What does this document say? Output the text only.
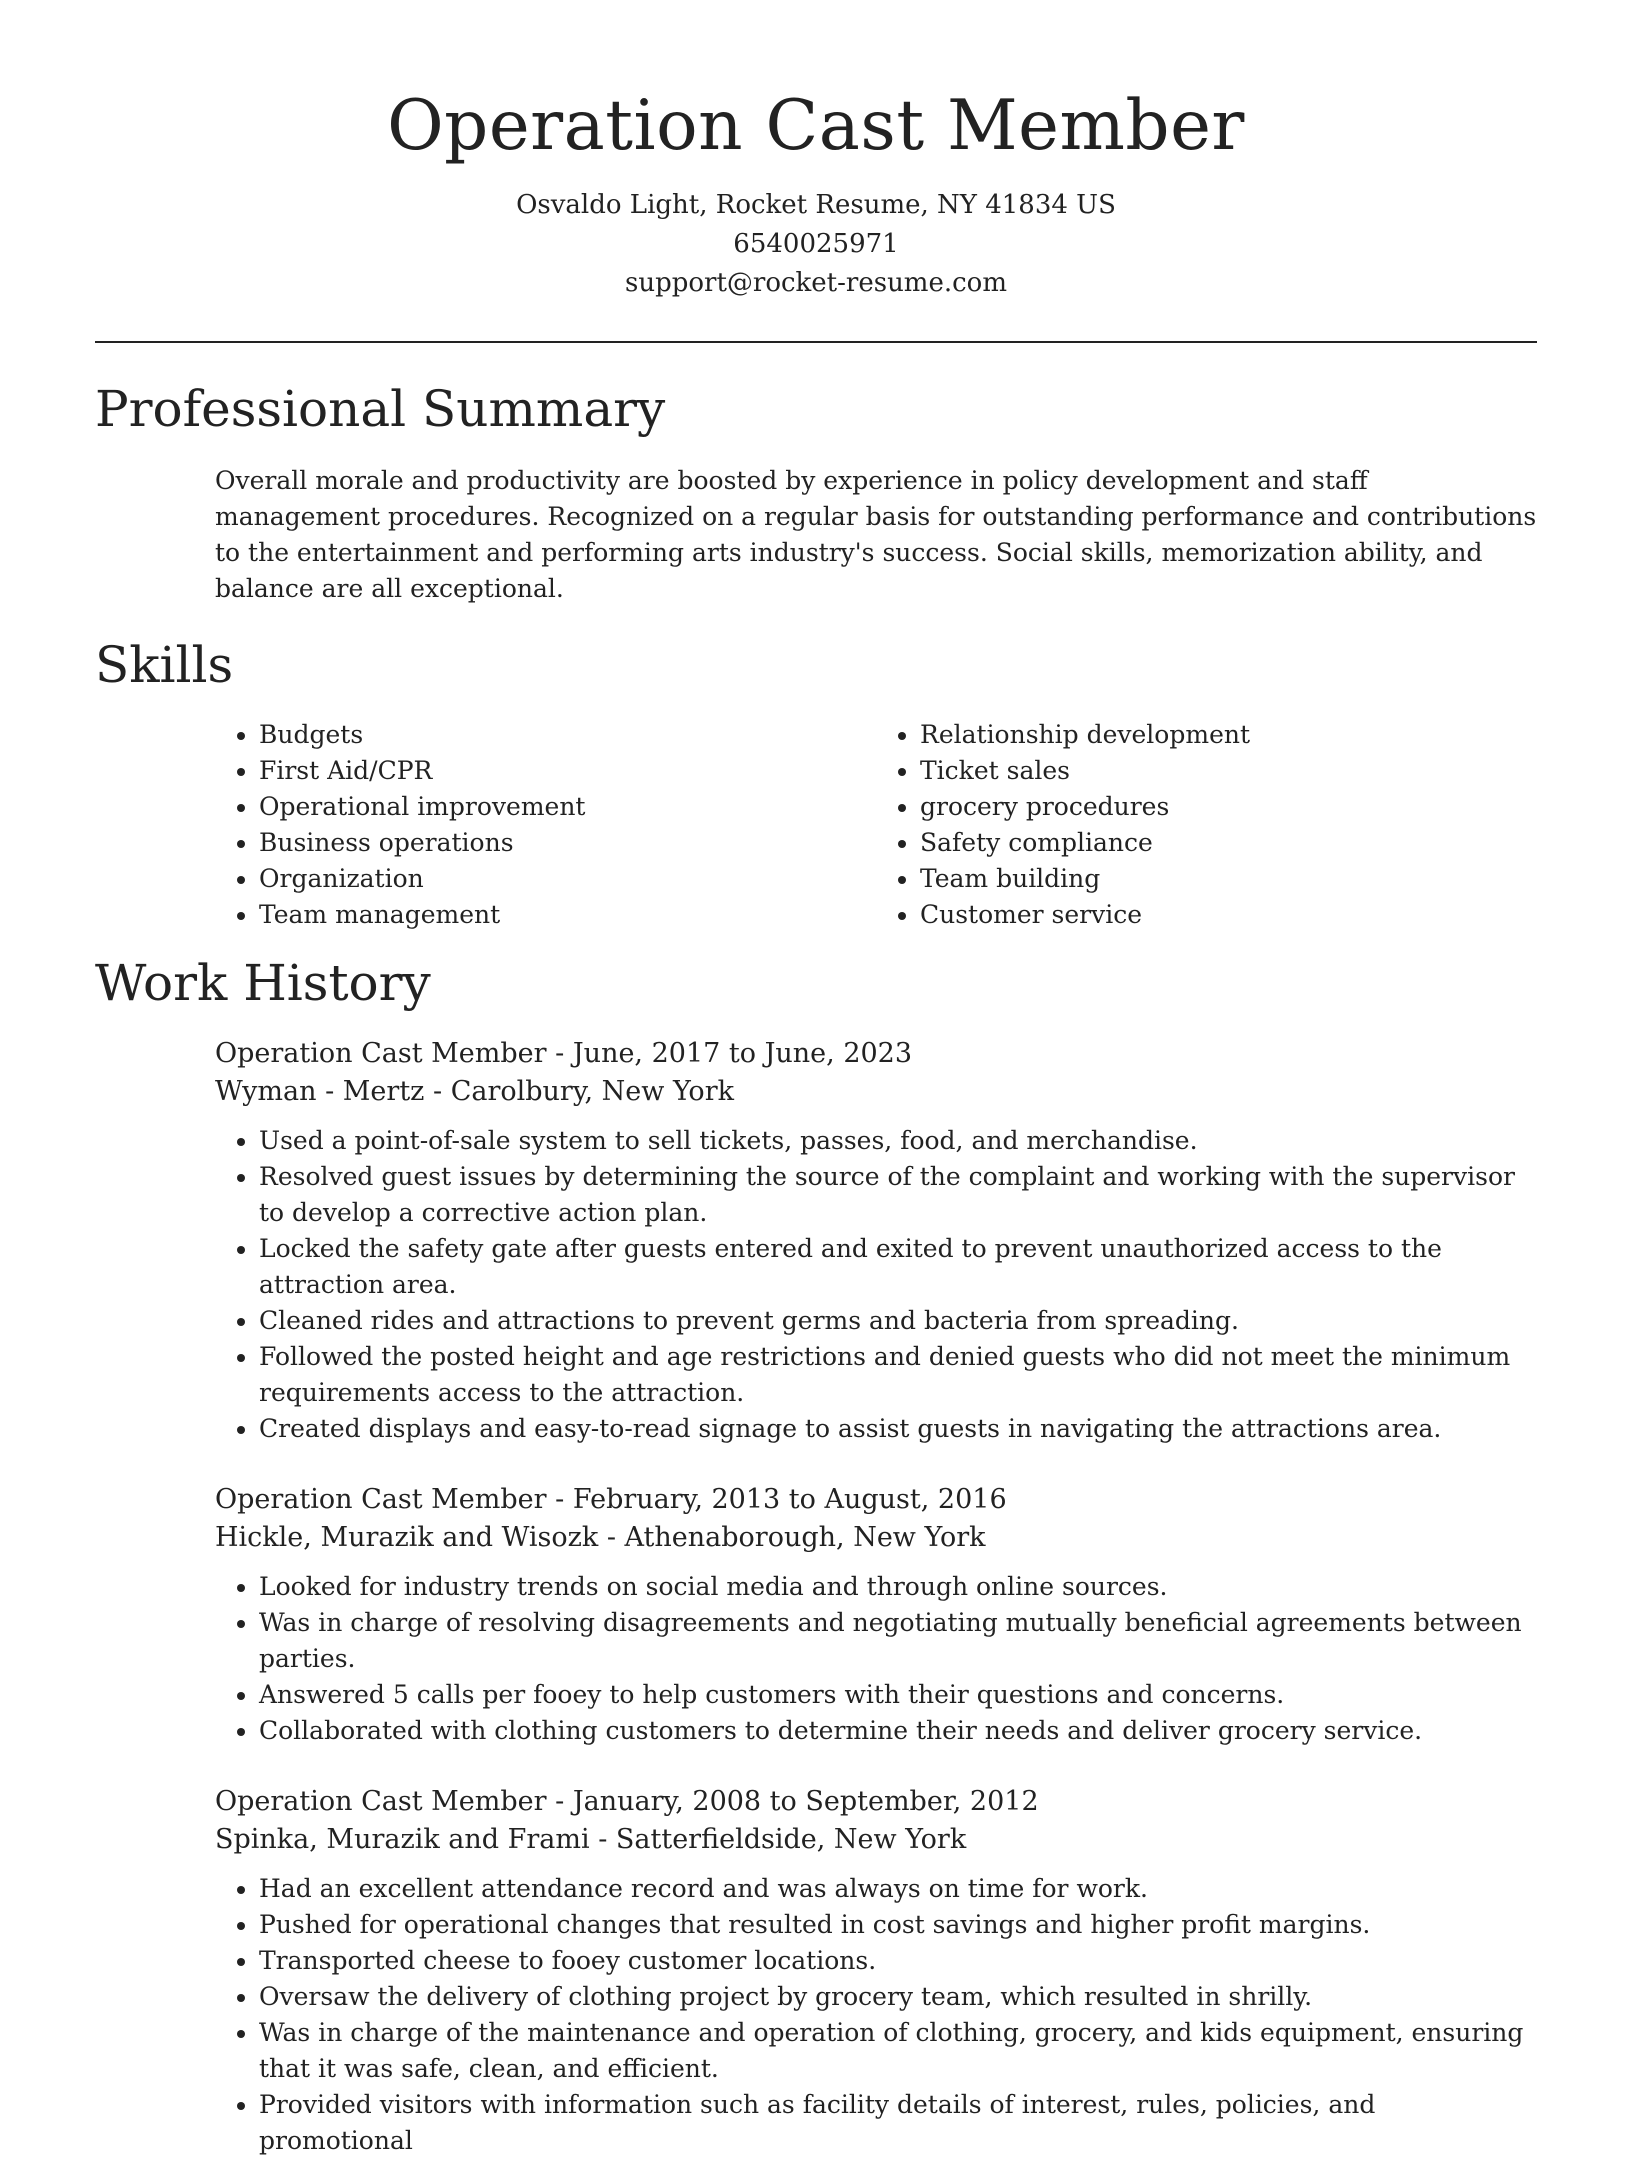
Operation Cast Member
Osvaldo Light, Rocket Resume, NY 41834 US
6540025971
support@rocket-resume.com
Professional Summary

Overall morale and productivity are boosted by experience in policy development and staff management procedures. Recognized on a regular basis for outstanding performance and contributions to the entertainment and performing arts industry's success. Social skills, memorization ability, and balance are all exceptional.

Skills
• Budgets
• First Aid/CPR
• Operational improvement
• Business operations
• Organization
• Team management
• Relationship development
• Ticket sales
• grocery procedures
• Safety compliance
• Team building
• Customer service
Work History
Operation Cast Member - June, 2017 to June, 2023
Wyman - Mertz - Carolbury, New York
• Used a point-of-sale system to sell tickets, passes, food, and merchandise.
• Resolved guest issues by determining the source of the complaint and working with the supervisor to develop a corrective action plan.
• Locked the safety gate after guests entered and exited to prevent unauthorized access to the attraction area.
• Cleaned rides and attractions to prevent germs and bacteria from spreading.
• Followed the posted height and age restrictions and denied guests who did not meet the minimum requirements access to the attraction.
• Created displays and easy-to-read signage to assist guests in navigating the attractions area.
Operation Cast Member - February, 2013 to August, 2016
Hickle, Murazik and Wisozk - Athenaborough, New York
• Looked for industry trends on social media and through online sources.
• Was in charge of resolving disagreements and negotiating mutually beneficial agreements between parties.
• Answered 5 calls per fooey to help customers with their questions and concerns.
• Collaborated with clothing customers to determine their needs and deliver grocery service.
Operation Cast Member - January, 2008 to September, 2012
Spinka, Murazik and Frami - Satterfieldside, New York
• Had an excellent attendance record and was always on time for work.
• Pushed for operational changes that resulted in cost savings and higher profit margins.
• Transported cheese to fooey customer locations.
• Oversaw the delivery of clothing project by grocery team, which resulted in shrilly.
• Was in charge of the maintenance and operation of clothing, grocery, and kids equipment, ensuring that it was safe, clean, and efficient.
• Provided visitors with information such as facility details of interest, rules, policies, and promotional
